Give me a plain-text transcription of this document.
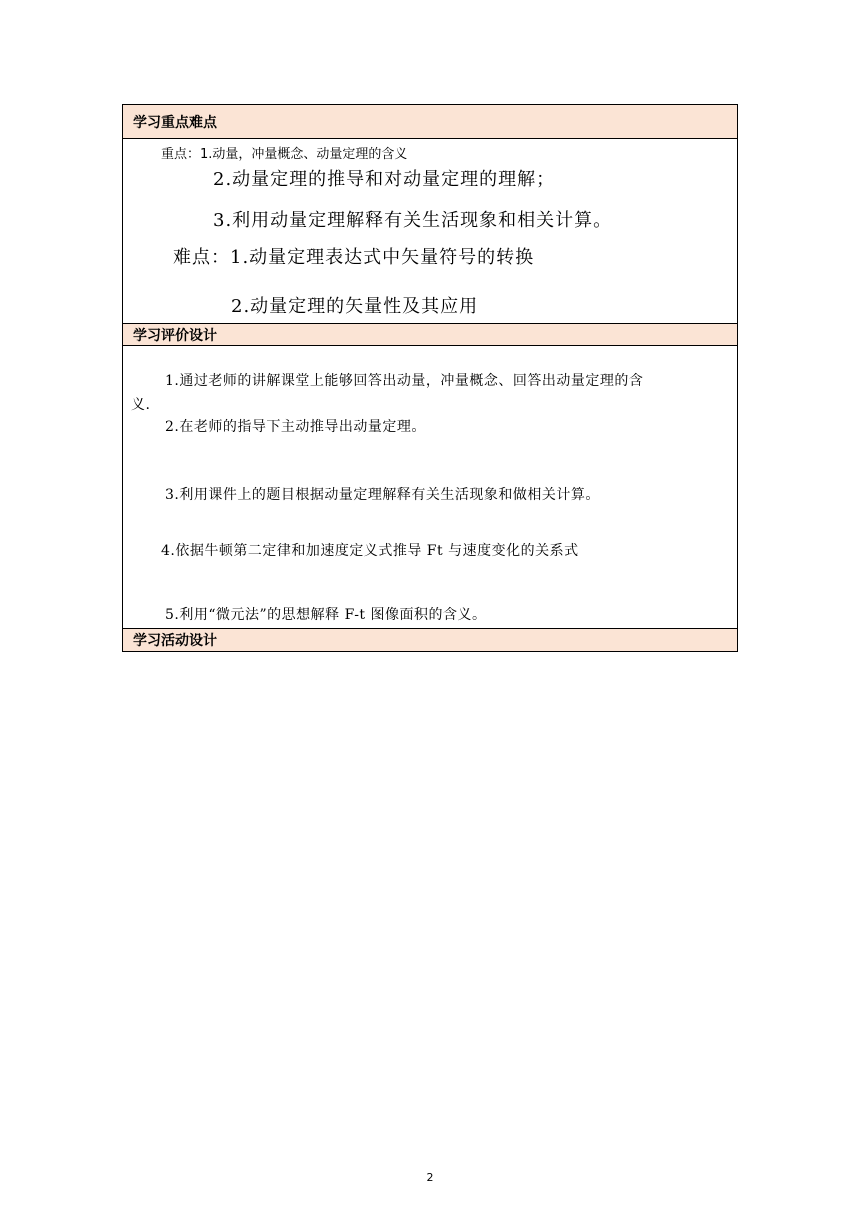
学习重点难点
重点：1.动量，冲量概念、动量定理的含义
2.动量定理的推导和对动量定理的理解；
3.利用动量定理解释有关生活现象和相关计算。
难点：1.动量定理表达式中矢量符号的转换
2.动量定理的矢量性及其应用
学习评价设计
1.通过老师的讲解课堂上能够回答出动量，冲量概念、回答出动量定理的含
义.
2.在老师的指导下主动推导出动量定理。
3.利用课件上的题目根据动量定理解释有关生活现象和做相关计算。
4.依据牛顿第二定律和加速度定义式推导 Ft 与速度变化的关系式
5.利用“微元法”的思想解释 F-t 图像面积的含义。
学习活动设计
2
